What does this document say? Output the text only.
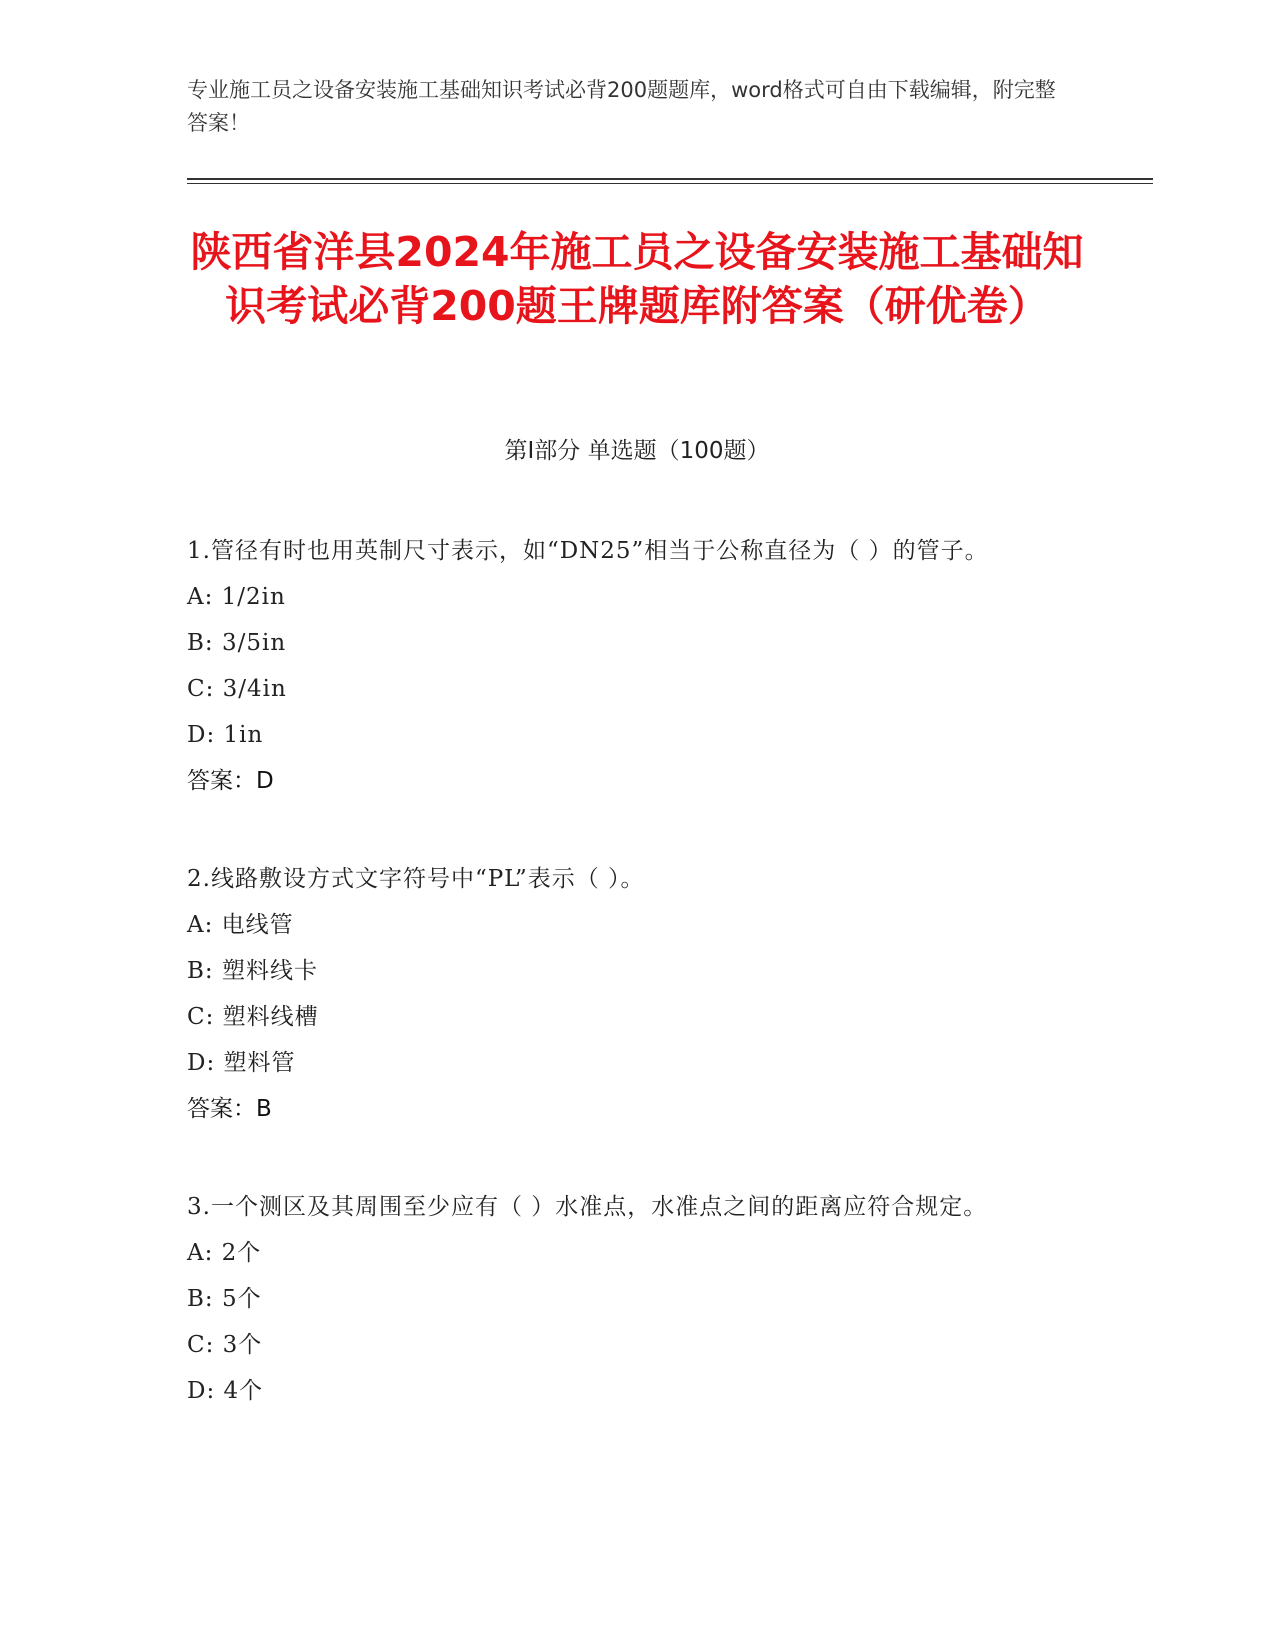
专业施工员之设备安装施工基础知识考试必背200题题库，word格式可自由下载编辑，附完整答案！
陕西省洋县2024年施工员之设备安装施工基础知识考试必背200题王牌题库附答案（研优卷）
第I部分 单选题（100题）
1.管径有时也用英制尺寸表示，如“DN25”相当于公称直径为（ ）的管子。
A: 1/2in
B: 3/5in
C: 3/4in
D: 1in
答案：D
2.线路敷设方式文字符号中“PL”表示（ ）。
A: 电线管
B: 塑料线卡
C: 塑料线槽
D: 塑料管
答案：B
3.一个测区及其周围至少应有（ ）水准点，水准点之间的距离应符合规定。
A: 2个
B: 5个
C: 3个
D: 4个
